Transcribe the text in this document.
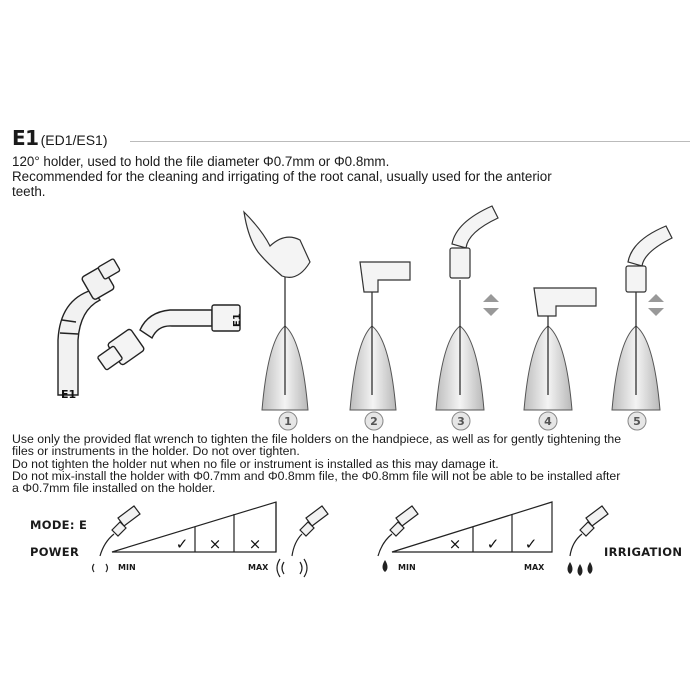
E1 (ED1/ES1)
120° holder, used to hold the file diameter Φ0.7mm or Φ0.8mm.
Recommended for the cleaning and irrigating of the root canal, usually used for the anterior
teeth.
E1
E1
1	2	3	4	5
Use only the provided flat wrench to tighten the file holders on the handpiece, as well as for gently tightening the
files or instruments in the holder. Do not over tighten.
Do not tighten the holder nut when no file or instrument is installed as this may damage it.
Do not mix-install the holder with Φ0.7mm and Φ0.8mm file, the Φ0.8mm file will not be able to be installed after
a Φ0.7mm file installed on the holder.
✓ × ×	× ✓ ✓
MODE: E
POWER	IRRIGATION
MIN	MAX	MIN	MAX
